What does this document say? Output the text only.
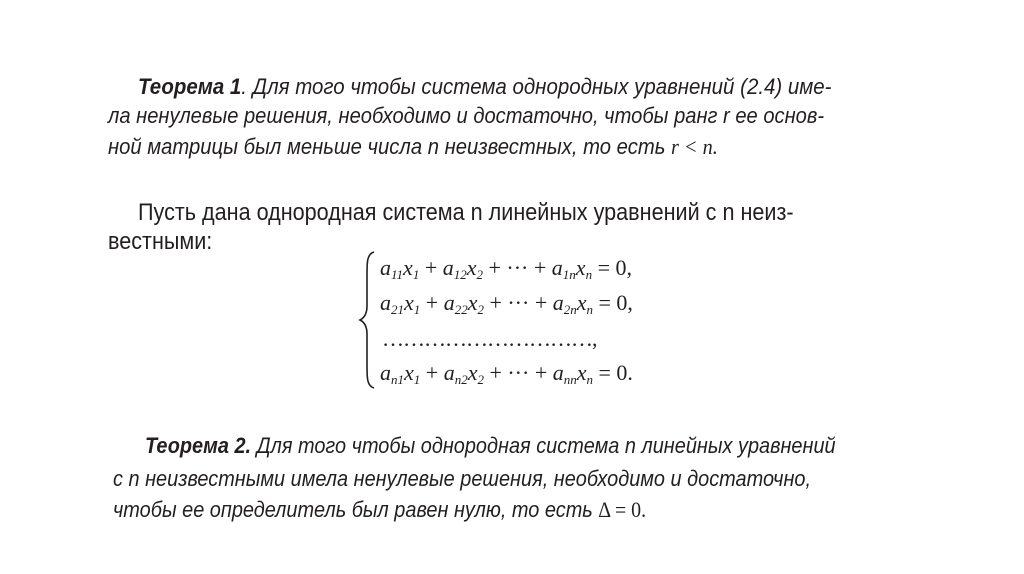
Теорема 1. Для того чтобы система однородных уравнений (2.4) име-
ла ненулевые решения, необходимо и достаточно, чтобы ранг r ее основ-
ной матрицы был меньше числа n неизвестных, то есть r < n.
Пусть дана однородная система n линейных уравнений с n неиз-
вестными:
$a_{11}x_1 + a_{12}x_2$ + ··· + $a_{1n}x_n = 0$,
$a_{21}x_1 + a_{22}x_2$ + ··· + $a_{2n}x_n = 0$,
…………………………,
$a_{n1}x_1 + a_{n2}x_2$ + ··· + $a_{nn}x_n = 0$.
Теорема 2. Для того чтобы однородная система n линейных уравнений
с n неизвестными имела ненулевые решения, необходимо и достаточно,
чтобы ее определитель был равен нулю, то есть Δ = 0.
